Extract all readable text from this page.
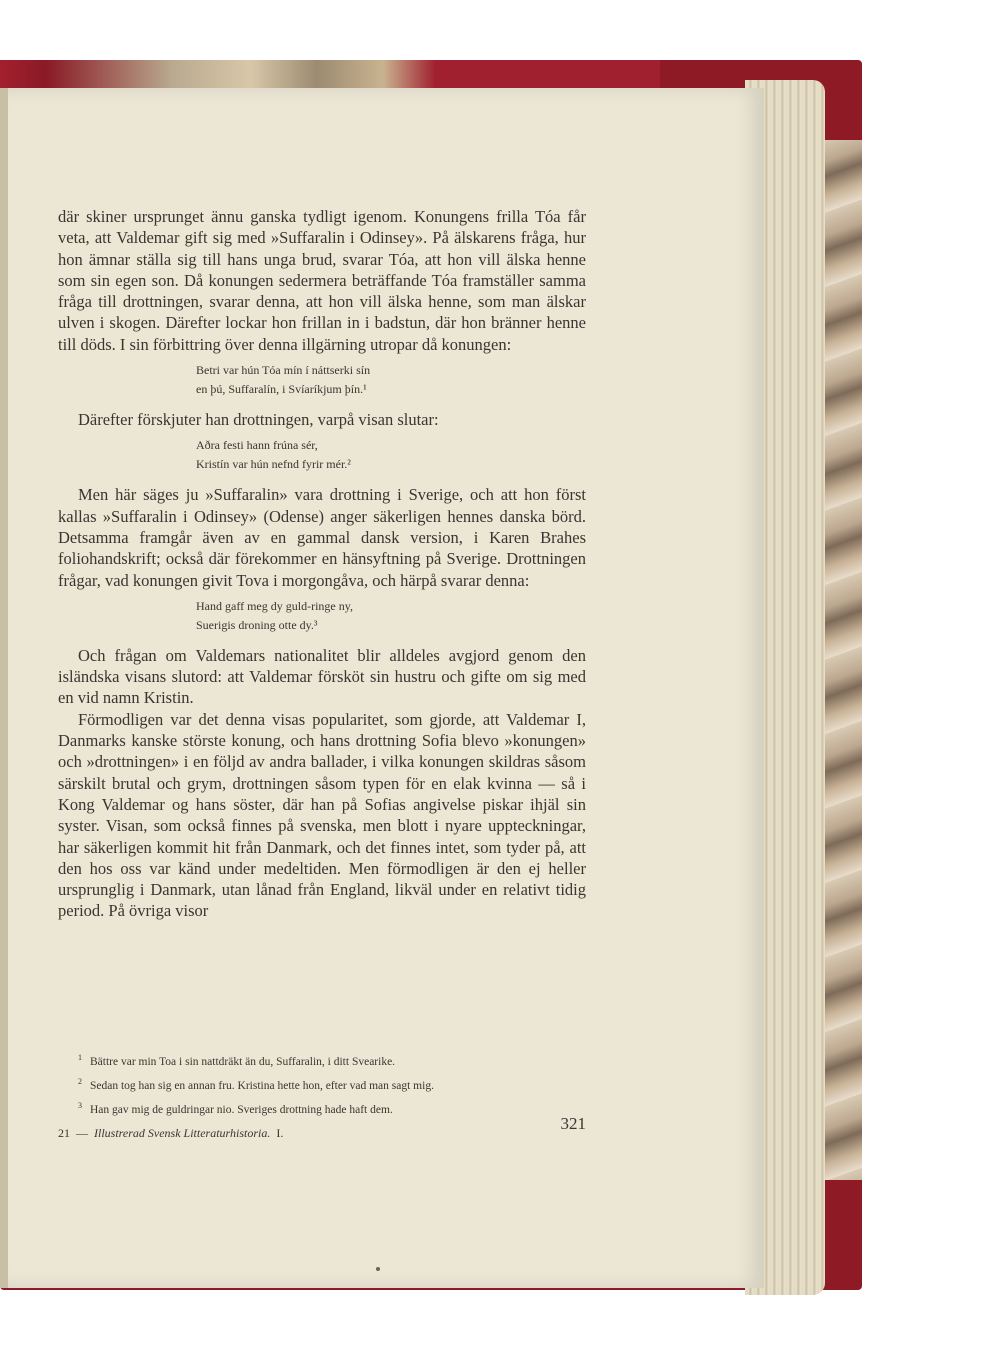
där skiner ursprunget ännu ganska tydligt igenom. Konungens frilla Tóa får veta, att Valdemar gift sig med »Suffaralin i Odinsey». På älskarens fråga, hur hon ämnar ställa sig till hans unga brud, svarar Tóa, att hon vill älska henne som sin egen son. Då konungen sedermera beträffande Tóa framställer samma fråga till drottningen, svarar denna, att hon vill älska henne, som man älskar ulven i skogen. Därefter lockar hon frillan in i badstun, där hon bränner henne till döds. I sin förbittring över denna illgärning utropar då konungen:

Betri var hún Tóa mín í náttserki sín
en þú, Suffaralín, i Svíaríkjum þín.¹

Därefter förskjuter han drottningen, varpå visan slutar:

Aðra festi hann frúna sér,
Kristín var hún nefnd fyrir mér.²

Men här säges ju »Suffaralin» vara drottning i Sverige, och att hon först kallas »Suffaralin i Odinsey» (Odense) anger säkerligen hennes danska börd. Detsamma framgår även av en gammal dansk version, i Karen Brahes foliohandskrift; också där förekommer en hänsyftning på Sverige. Drottningen frågar, vad konungen givit Tova i morgongåva, och härpå svarar denna:

Hand gaff meg dy guld-ringe ny,
Suerigis droning otte dy.³

Och frågan om Valdemars nationalitet blir alldeles avgjord genom den isländska visans slutord: att Valdemar försköt sin hustru och gifte om sig med en vid namn Kristin.

Förmodligen var det denna visas popularitet, som gjorde, att Valdemar I, Danmarks kanske störste konung, och hans drottning Sofia blevo »konungen» och »drottningen» i en följd av andra ballader, i vilka konungen skildras såsom särskilt brutal och grym, drottningen såsom typen för en elak kvinna — så i Kong Valdemar og hans söster, där han på Sofias angivelse piskar ihjäl sin syster. Visan, som också finnes på svenska, men blott i nyare uppteckningar, har säkerligen kommit hit från Danmark, och det finnes intet, som tyder på, att den hos oss var känd under medeltiden. Men förmodligen är den ej heller ursprunglig i Danmark, utan lånad från England, likväl under en relativt tidig period. På övriga visor

$^1$ Bättre var min Toa i sin nattdräkt än du, Suffaralin, i ditt Svearike.
$^2$ Sedan tog han sig en annan fru. Kristina hette hon, efter vad man sagt mig.
$^3$ Han gav mig de guldringar nio. Sveriges drottning hade haft dem.
21 — Illustrerad Svensk Litteraturhistoria. I.	321
